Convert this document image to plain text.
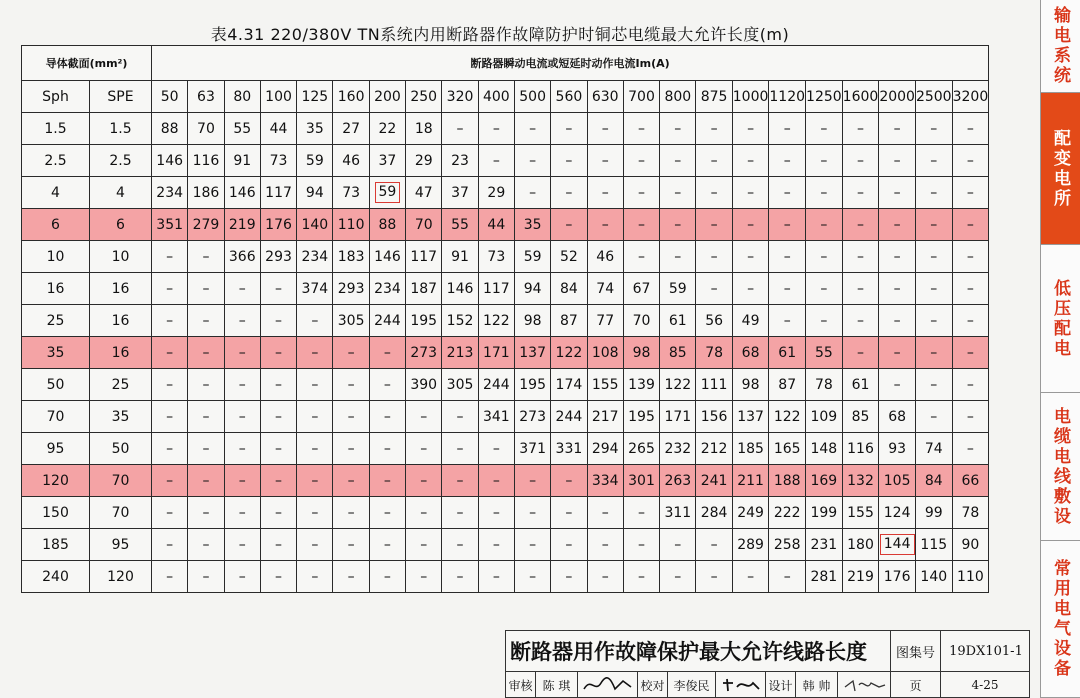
表4.31 220/380V TN系统内用断路器作故障防护时铜芯电缆最大允许长度(m)
导体截面(mm²)		断路器瞬动电流或短延时动作电流Im(A)																						
Sph	SPE	50	63	80	100	125	160	200	250	320	400	500	560	630	700	800	875	1000	1120	1250	1600	2000	2500	3200
1.5	1.5	88	70	55	44	35	27	22	18	–	–	–	–	–	–	–	–	–	–	–	–	–	–	–
2.5	2.5	146	116	91	73	59	46	37	29	23	–	–	–	–	–	–	–	–	–	–	–	–	–	–
4	4	234	186	146	117	94	73	59	47	37	29	–	–	–	–	–	–	–	–	–	–	–	–	–
6	6	351	279	219	176	140	110	88	70	55	44	35	–	–	–	–	–	–	–	–	–	–	–	–
10	10	–	–	366	293	234	183	146	117	91	73	59	52	46	–	–	–	–	–	–	–	–	–	–
16	16	–	–	–	–	374	293	234	187	146	117	94	84	74	67	59	–	–	–	–	–	–	–	–
25	16	–	–	–	–	–	305	244	195	152	122	98	87	77	70	61	56	49	–	–	–	–	–	–
35	16	–	–	–	–	–	–	–	273	213	171	137	122	108	98	85	78	68	61	55	–	–	–	–
50	25	–	–	–	–	–	–	–	390	305	244	195	174	155	139	122	111	98	87	78	61	–	–	–
70	35	–	–	–	–	–	–	–	–	–	341	273	244	217	195	171	156	137	122	109	85	68	–	–
95	50	–	–	–	–	–	–	–	–	–	–	371	331	294	265	232	212	185	165	148	116	93	74	–
120	70	–	–	–	–	–	–	–	–	–	–	–	–	334	301	263	241	211	188	169	132	105	84	66
150	70	–	–	–	–	–	–	–	–	–	–	–	–	–	–	311	284	249	222	199	155	124	99	78
185	95	–	–	–	–	–	–	–	–	–	–	–	–	–	–	–	–	289	258	231	180	144	115	90
240	120	–	–	–	–	–	–	–	–	–	–	–	–	–	–	–	–	–	–	281	219	176	140	110
输电系统
配变电所
低压配电
电缆电线敷设
常用电气设备
断路器用作故障保护最大允许线路长度	图集号	19DX101-1
审核 陈 琪	校对 李俊民	设计 韩 帅	页	4-25
